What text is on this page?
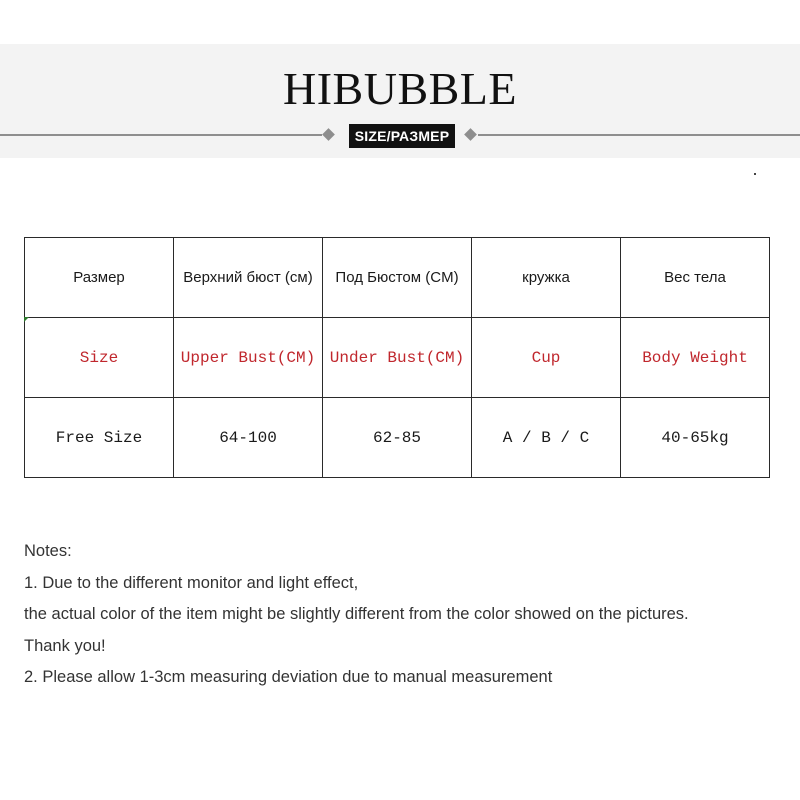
HIBUBBLE
SIZE/РАЗМЕР
Размер	Верхний бюст (см)	Под Бюстом (CM)	кружка	Вес тела
Size	Upper Bust(CM)	Under Bust(CM)	Cup	Body Weight
Free Size	64-100	62-85	A / B / C	40-65kg
Notes:
1. Due to the different monitor and light effect,
the actual color of the item might be slightly different from the color showed on the pictures.
Thank you!
2. Please allow 1-3cm measuring deviation due to manual measurement
